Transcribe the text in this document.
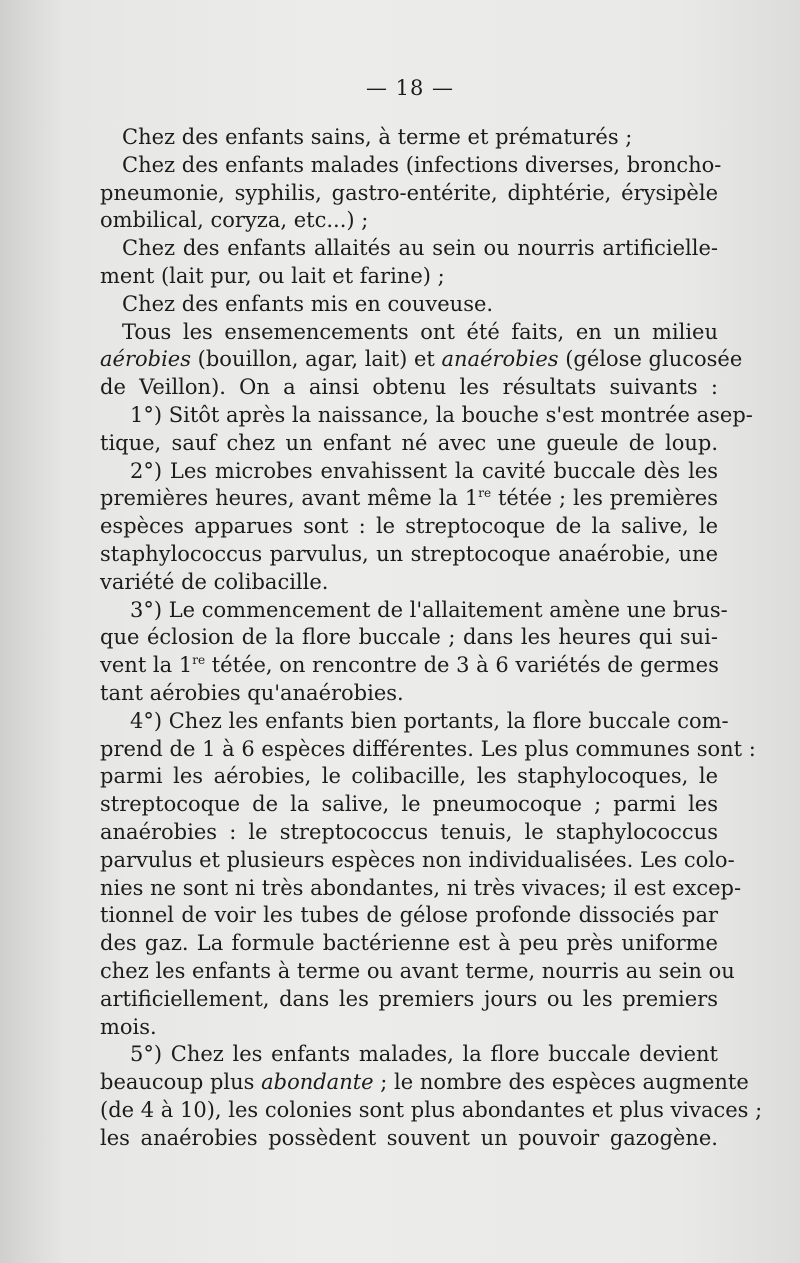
— 18 —
Chez des enfants sains, à terme et prématurés ;
Chez des enfants malades (infections diverses, broncho-
pneumonie, syphilis, gastro-entérite, diphtérie, érysipèle
ombilical, coryza, etc...) ;
Chez des enfants allaités au sein ou nourris artificielle-
ment (lait pur, ou lait et farine) ;
Chez des enfants mis en couveuse.
Tous les ensemencements ont été faits, en un milieu
aérobies (bouillon, agar, lait) et anaérobies (gélose glucosée
de Veillon). On a ainsi obtenu les résultats suivants :
1°) Sitôt après la naissance, la bouche s'est montrée asep-
tique, sauf chez un enfant né avec une gueule de loup.
2°) Les microbes envahissent la cavité buccale dès les
premières heures, avant même la 1re tétée ; les premières
espèces apparues sont : le streptocoque de la salive, le
staphylococcus parvulus, un streptocoque anaérobie, une
variété de colibacille.
3°) Le commencement de l'allaitement amène une brus-
que éclosion de la flore buccale ; dans les heures qui sui-
vent la 1re tétée, on rencontre de 3 à 6 variétés de germes
tant aérobies qu'anaérobies.
4°) Chez les enfants bien portants, la flore buccale com-
prend de 1 à 6 espèces différentes. Les plus communes sont :
parmi les aérobies, le colibacille, les staphylocoques, le
streptocoque de la salive, le pneumocoque ; parmi les
anaérobies : le streptococcus tenuis, le staphylococcus
parvulus et plusieurs espèces non individualisées. Les colo-
nies ne sont ni très abondantes, ni très vivaces; il est excep-
tionnel de voir les tubes de gélose profonde dissociés par
des gaz. La formule bactérienne est à peu près uniforme
chez les enfants à terme ou avant terme, nourris au sein ou
artificiellement, dans les premiers jours ou les premiers
mois.
5°) Chez les enfants malades, la flore buccale devient
beaucoup plus abondante ; le nombre des espèces augmente
(de 4 à 10), les colonies sont plus abondantes et plus vivaces ;
les anaérobies possèdent souvent un pouvoir gazogène.
